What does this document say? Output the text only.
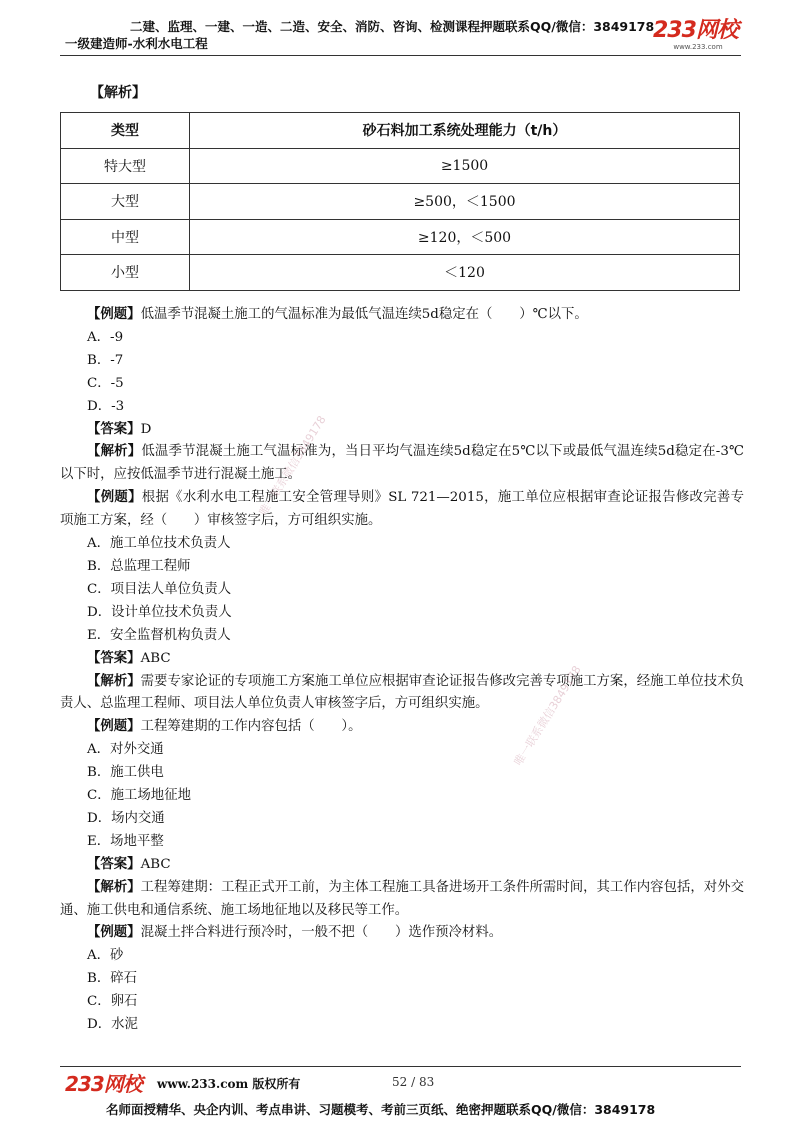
二建、监理、一建、一造、二造、安全、消防、咨询、检测课程押题联系QQ/微信：3849178
一级建造师-水利水电工程
233网校
www.233.com
【解析】
类型	砂石料加工系统处理能力（t/h）
特大型	≥1500
大型	≥500，＜1500
中型	≥120，＜500
小型	＜120

【例题】低温季节混凝土施工的气温标准为最低气温连续5d稳定在（　　）℃以下。

A．-9
B．-7
C．-5
D．-3

【答案】D

【解析】低温季节混凝土施工气温标准为，当日平均气温连续5d稳定在5℃以下或最低气温连续5d稳定在-3℃以下时，应按低温季节进行混凝土施工。

【例题】根据《水利水电工程施工安全管理导则》SL 721—2015，施工单位应根据审查论证报告修改完善专项施工方案，经（　　）审核签字后，方可组织实施。

A．施工单位技术负责人
B．总监理工程师
C．项目法人单位负责人
D．设计单位技术负责人
E．安全监督机构负责人

【答案】ABC

【解析】需要专家论证的专项施工方案施工单位应根据审查论证报告修改完善专项施工方案，经施工单位技术负责人、总监理工程师、项目法人单位负责人审核签字后，方可组织实施。

【例题】工程筹建期的工作内容包括（　　）。

A．对外交通
B．施工供电
C．施工场地征地
D．场内交通
E．场地平整

【答案】ABC

【解析】工程筹建期：工程正式开工前，为主体工程施工具备进场开工条件所需时间，其工作内容包括，对外交通、施工供电和通信系统、施工场地征地以及移民等工作。

【例题】混凝土拌合料进行预冷时，一般不把（　　）选作预冷材料。

A．砂
B．碎石
C．卵石
D．水泥
唯一联系微信3849178
唯一联系微信3849178
233网校 www.233.com 版权所有	52 / 83
名师面授精华、央企内训、考点串讲、习题模考、考前三页纸、绝密押题联系QQ/微信：3849178
